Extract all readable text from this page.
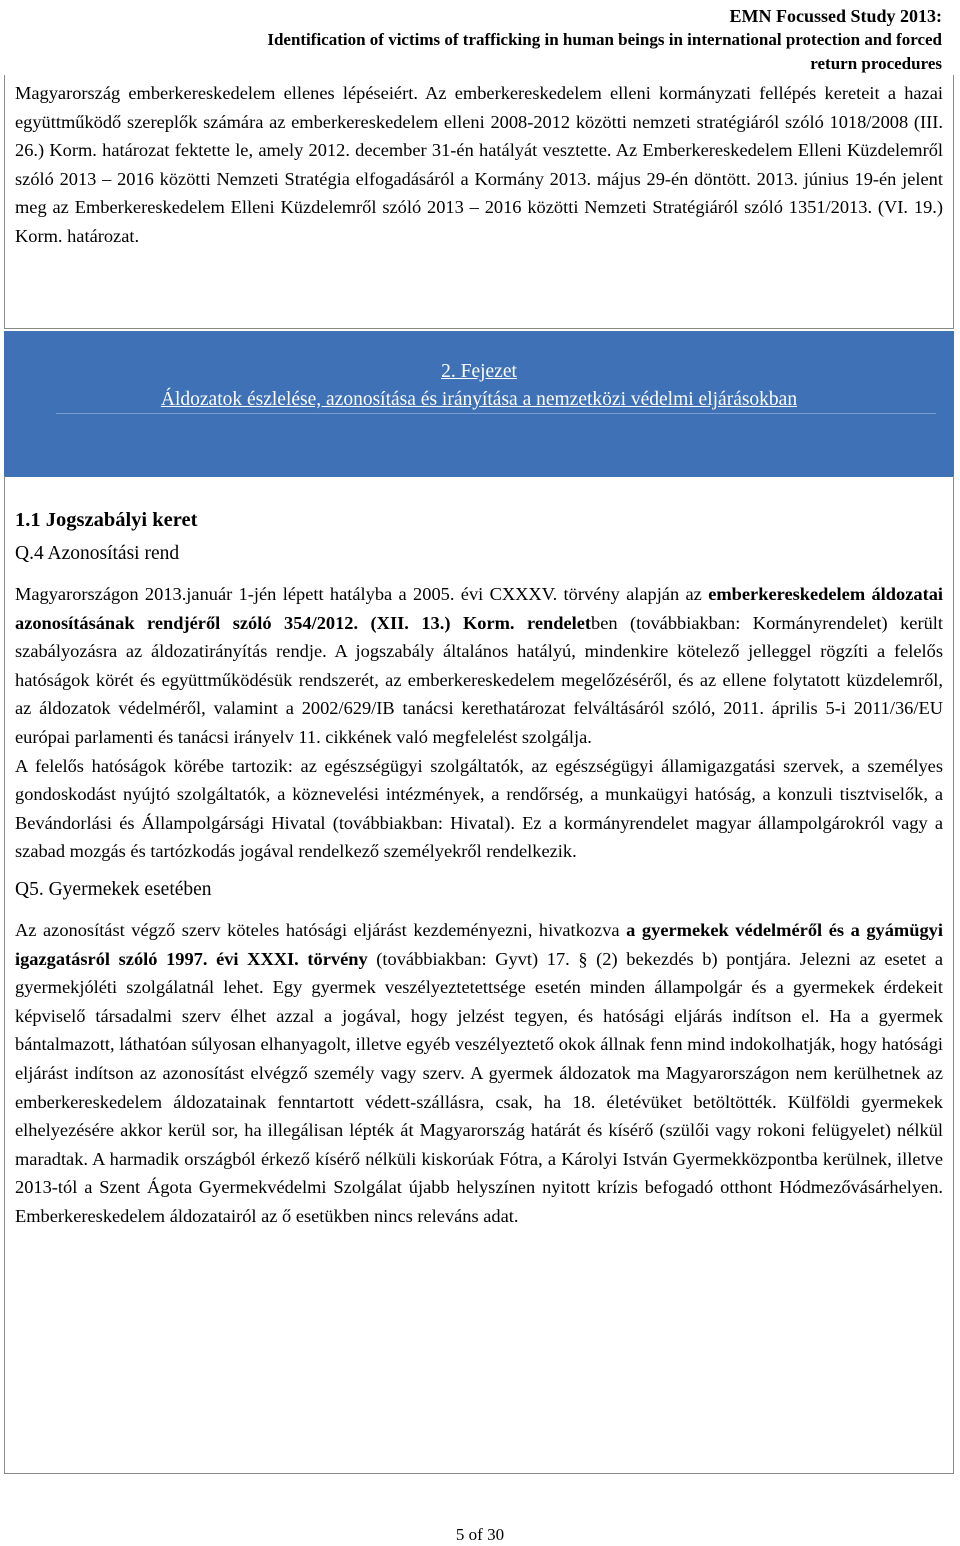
EMN Focussed Study 2013:
Identification of victims of trafficking in human beings in international protection and forced
return procedures

Magyarország emberkereskedelem ellenes lépéseiért. Az emberkereskedelem elleni kormányzati fellépés kereteit a hazai együttműködő szereplők számára az emberkereskedelem elleni 2008-2012 közötti nemzeti stratégiáról szóló 1018/2008 (III. 26.) Korm. határozat fektette le, amely 2012. december 31-én hatályát vesztette. Az Emberkereskedelem Elleni Küzdelemről szóló 2013 – 2016 közötti Nemzeti Stratégia elfogadásáról a Kormány 2013. május 29-én döntött. 2013. június 19-én jelent meg az Emberkereskedelem Elleni Küzdelemről szóló 2013 – 2016 közötti Nemzeti Stratégiáról szóló 1351/2013. (VI. 19.) Korm. határozat.

2. Fejezet
Áldozatok észlelése, azonosítása és irányítása a nemzetközi védelmi eljárásokban
1.1 Jogszabályi keret
Q.4 Azonosítási rend

Magyarországon 2013.január 1-jén lépett hatályba a 2005. évi CXXXV. törvény alapján az emberkereskedelem áldozatai azonosításának rendjéről szóló 354/2012. (XII. 13.) Korm. rendeletben (továbbiakban: Kormányrendelet) került szabályozásra az áldozatirányítás rendje. A jogszabály általános hatályú, mindenkire kötelező jelleggel rögzíti a felelős hatóságok körét és együttműködésük rendszerét, az emberkereskedelem megelőzéséről, és az ellene folytatott küzdelemről, az áldozatok védelméről, valamint a 2002/629/IB tanácsi kerethatározat felváltásáról szóló, 2011. április 5-i 2011/36/EU európai parlamenti és tanácsi irányelv 11. cikkének való megfelelést szolgálja.

A felelős hatóságok körébe tartozik: az egészségügyi szolgáltatók, az egészségügyi államigazgatási szervek, a személyes gondoskodást nyújtó szolgáltatók, a köznevelési intézmények, a rendőrség, a munkaügyi hatóság, a konzuli tisztviselők, a Bevándorlási és Állampolgársági Hivatal (továbbiakban: Hivatal). Ez a kormányrendelet magyar állampolgárokról vagy a szabad mozgás és tartózkodás jogával rendelkező személyekről rendelkezik.

Q5. Gyermekek esetében

Az azonosítást végző szerv köteles hatósági eljárást kezdeményezni, hivatkozva a gyermekek védelméről és a gyámügyi igazgatásról szóló 1997. évi XXXI. törvény (továbbiakban: Gyvt) 17. § (2) bekezdés b) pontjára. Jelezni az esetet a gyermekjóléti szolgálatnál lehet. Egy gyermek veszélyeztetettsége esetén minden állampolgár és a gyermekek érdekeit képviselő társadalmi szerv élhet azzal a jogával, hogy jelzést tegyen, és hatósági eljárás indítson el. Ha a gyermek bántalmazott, láthatóan súlyosan elhanyagolt, illetve egyéb veszélyeztető okok állnak fenn mind indokolhatják, hogy hatósági eljárást indítson az azonosítást elvégző személy vagy szerv. A gyermek áldozatok ma Magyarországon nem kerülhetnek az emberkereskedelem áldozatainak fenntartott védett-szállásra, csak, ha 18. életévüket betöltötték. Külföldi gyermekek elhelyezésére akkor kerül sor, ha illegálisan lépték át Magyarország határát és kísérő (szülői vagy rokoni felügyelet) nélkül maradtak. A harmadik országból érkező kísérő nélküli kiskorúak Fótra, a Károlyi István Gyermekközpontba kerülnek, illetve 2013-tól a Szent Ágota Gyermekvédelmi Szolgálat újabb helyszínen nyitott krízis befogadó otthont Hódmezővásárhelyen. Emberkereskedelem áldozatairól az ő esetükben nincs releváns adat.

5 of 30
